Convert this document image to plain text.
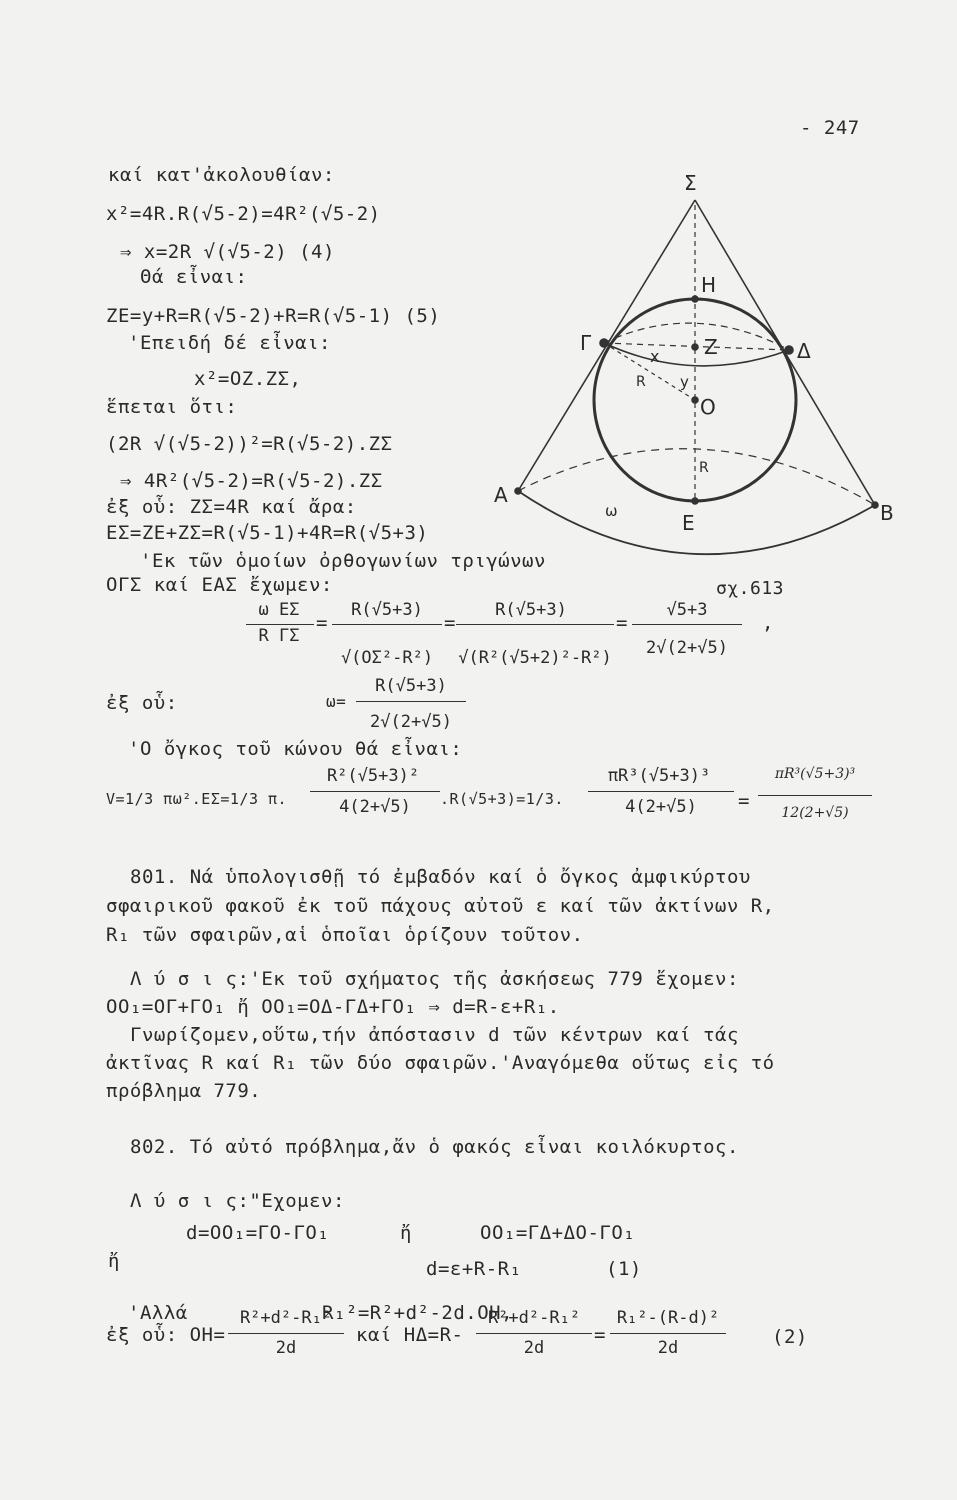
- 247
καί κατ'ἀκολουθίαν:
x²=4R.R(√5-2)=4R²(√5-2)
⇒ x=2R √(√5-2) (4)
Θά εἶναι:
ΖΕ=y+R=R(√5-2)+R=R(√5-1) (5)
'Επειδή δέ εἶναι:
x²=ΟΖ.ΖΣ,
ἕπεται ὅτι:
(2R √(√5-2))²=R(√5-2).ΖΣ
⇒ 4R²(√5-2)=R(√5-2).ΖΣ
ἐξ οὗ: ΖΣ=4R καί ἄρα:
ΕΣ=ΖΕ+ΖΣ=R(√5-1)+4R=R(√5+3)
'Εκ τῶν ὁμοίων ὀρθογωνίων τριγώνων
ΟΓΣ καί ΕΑΣ ἔχωμεν:
Σ
Η
Γ	Ζ	Δ
Ο
Α
Ε	Β
x
y
R
R
ω
σχ.613
ω ΕΣ
R ΓΣ
=
R(√5+3)
√(ΟΣ²-R²)
=
R(√5+3)
√(R²(√5+2)²-R²)
=
√5+3
2√(2+√5)
,
ἐξ οὗ:	ω=
R(√5+3)
2√(2+√5)
'Ο ὄγκος τοῦ κώνου θά εἶναι:
V=1/3 πω².ΕΣ=1/3 π.
R²(√5+3)²
4(2+√5)	.R(√5+3)=1/3.
πR³(√5+3)³
4(2+√5)	=
πR³(√5+3)³
12(2+√5)
801. Νά ὑπολογισθῇ τό ἐμβαδόν καί ὁ ὄγκος ἀμφικύρτου
σφαιρικοῦ φακοῦ ἐκ τοῦ πάχους αὐτοῦ ε καί τῶν ἀκτίνων R,
R₁ τῶν σφαιρῶν,αἱ ὁποῖαι ὁρίζουν τοῦτον.
Λ ύ σ ι ς:'Εκ τοῦ σχήματος τῆς ἀσκήσεως 779 ἔχομεν:
ΟΟ₁=ΟΓ+ΓΟ₁ ἤ ΟΟ₁=ΟΔ-ΓΔ+ΓΟ₁ ⇒ d=R-ε+R₁.
Γνωρίζομεν,οὕτω,τήν ἀπόστασιν d τῶν κέντρων καί τάς
ἀκτῖνας R καί R₁ τῶν δύο σφαιρῶν.'Αναγόμεθα οὕτως εἰς τό
πρόβλημα 779.
802. Τό αὐτό πρόβλημα,ἄν ὁ φακός εἶναι κοιλόκυρτος.
Λ ύ σ ι ς:"Εχομεν:
d=ΟΟ₁=ΓΟ-ΓΟ₁	ἤ	ΟΟ₁=ΓΔ+ΔΟ-ΓΟ₁
ἤ	d=ε+R-R₁	(1)
'Αλλά	R₁²=R²+d²-2d.ΟΗ,
ἐξ οὗ: ΟΗ=
R²+d²-R₁²
2d
καί ΗΔ=R-
R²+d²-R₁²
2d
=
R₁²-(R-d)²
2d	(2)
